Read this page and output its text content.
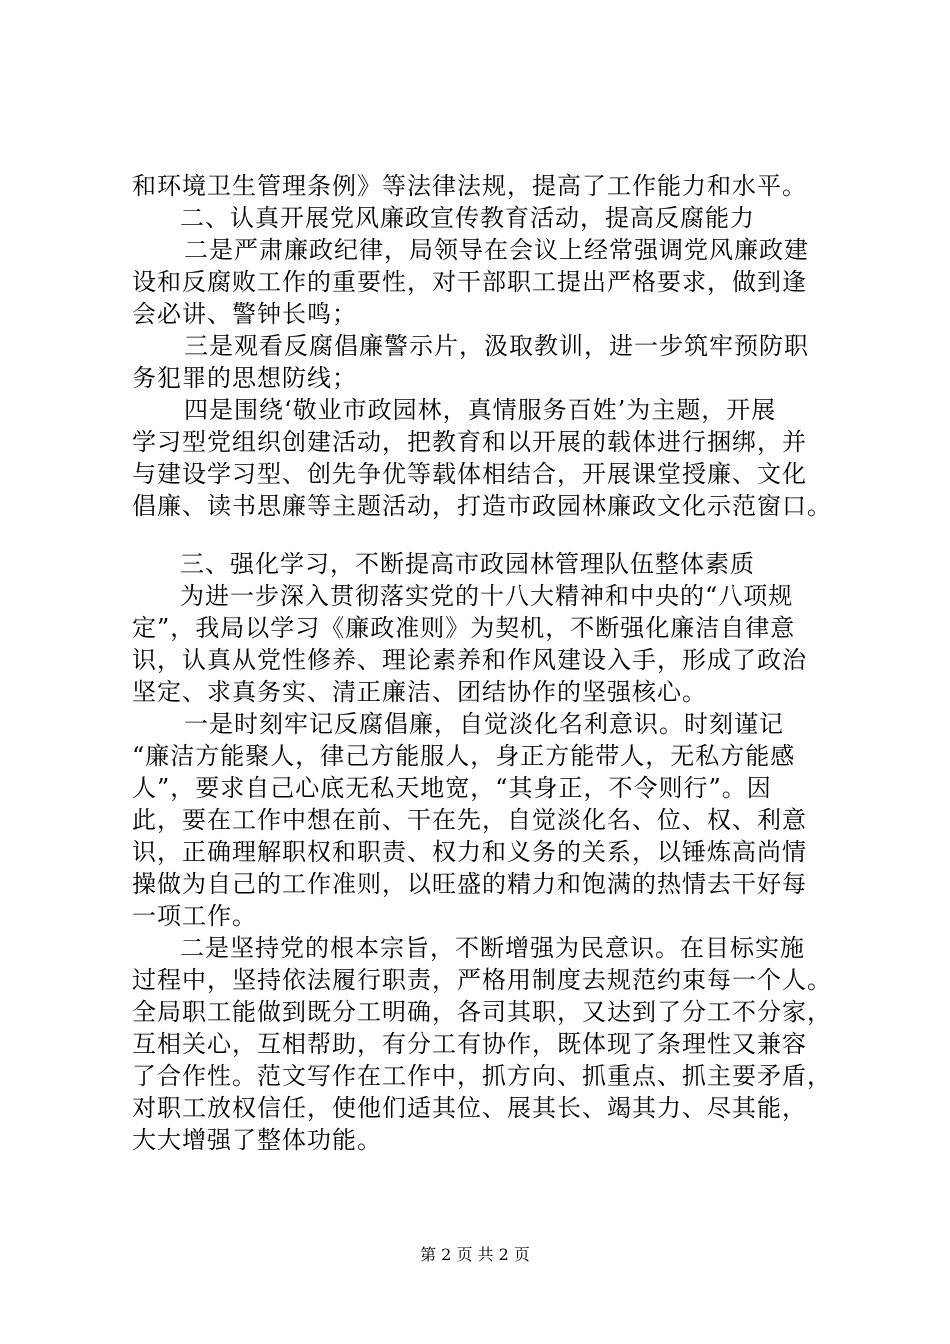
和环境卫生管理条例》等法律法规，提高了工作能力和水平。
二、认真开展党风廉政宣传教育活动，提高反腐能力
二是严肃廉政纪律，局领导在会议上经常强调党风廉政建
设和反腐败工作的重要性，对干部职工提出严格要求，做到逢
会必讲、警钟长鸣；
三是观看反腐倡廉警示片，汲取教训，进一步筑牢预防职
务犯罪的思想防线；
四是围绕‘敬业市政园林，真情服务百姓’为主题，开展
学习型党组织创建活动，把教育和以开展的载体进行捆绑，并
与建设学习型、创先争优等载体相结合，开展课堂授廉、文化
倡廉、读书思廉等主题活动，打造市政园林廉政文化示范窗口。
三、强化学习，不断提高市政园林管理队伍整体素质
为进一步深入贯彻落实党的十八大精神和中央的“八项规
定”，我局以学习《廉政准则》为契机，不断强化廉洁自律意
识，认真从党性修养、理论素养和作风建设入手，形成了政治
坚定、求真务实、清正廉洁、团结协作的坚强核心。
一是时刻牢记反腐倡廉，自觉淡化名利意识。时刻谨记
“廉洁方能聚人，律己方能服人，身正方能带人，无私方能感
人”，要求自己心底无私天地宽，“其身正，不令则行”。因
此，要在工作中想在前、干在先，自觉淡化名、位、权、利意
识，正确理解职权和职责、权力和义务的关系，以锤炼高尚情
操做为自己的工作准则，以旺盛的精力和饱满的热情去干好每
一项工作。
二是坚持党的根本宗旨，不断增强为民意识。在目标实施
过程中，坚持依法履行职责，严格用制度去规范约束每一个人。
全局职工能做到既分工明确，各司其职，又达到了分工不分家，
互相关心，互相帮助，有分工有协作，既体现了条理性又兼容
了合作性。范文写作在工作中，抓方向、抓重点、抓主要矛盾，
对职工放权信任，使他们适其位、展其长、竭其力、尽其能，
大大增强了整体功能。
第 2 页 共 2 页
